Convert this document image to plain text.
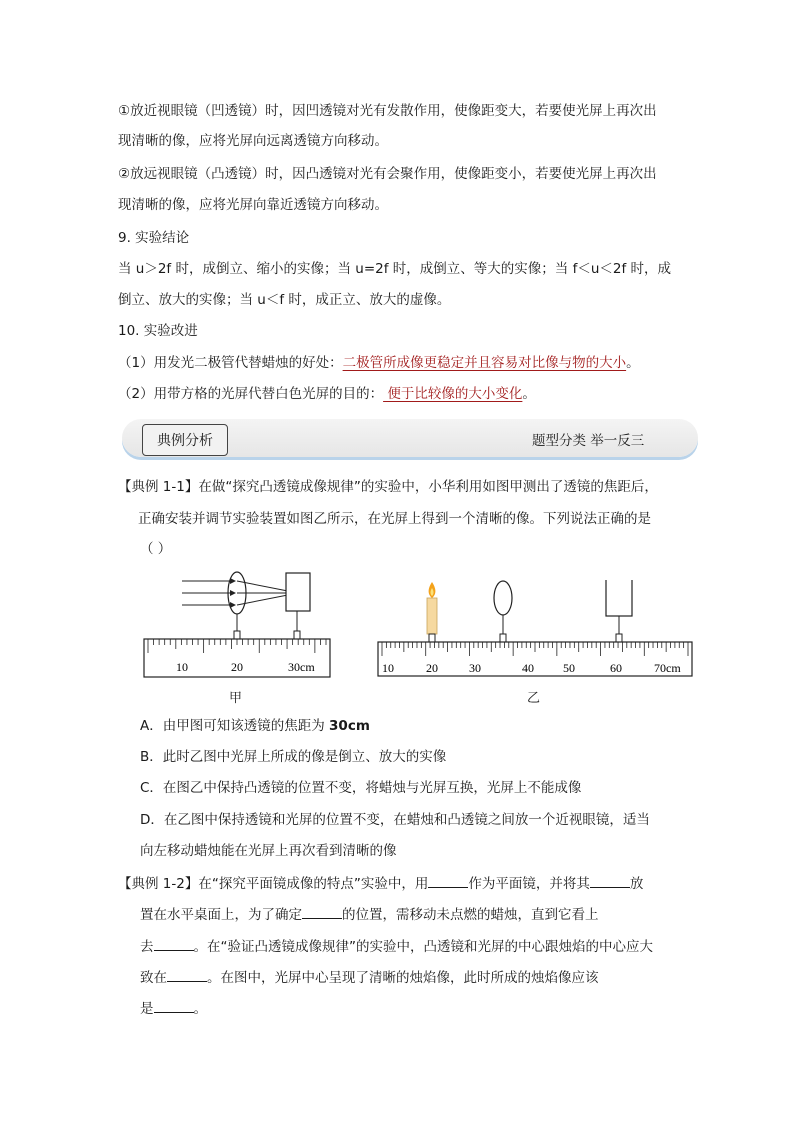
①放近视眼镜（凹透镜）时，因凹透镜对光有发散作用，使像距变大，若要使光屏上再次出
现清晰的像，应将光屏向远离透镜方向移动。
②放远视眼镜（凸透镜）时，因凸透镜对光有会聚作用，使像距变小，若要使光屏上再次出
现清晰的像，应将光屏向靠近透镜方向移动。
9. 实验结论
当 u＞2f 时，成倒立、缩小的实像；当 u=2f 时，成倒立、等大的实像；当 f＜u＜2f 时，成
倒立、放大的实像；当 u＜f 时，成正立、放大的虚像。
10. 实验改进
（1）用发光二极管代替蜡烛的好处：二极管所成像更稳定并且容易对比像与物的大小。
（2）用带方格的光屏代替白色光屏的目的： 便于比较像的大小变化。
典例分析	题型分类 举一反三
【典例 1-1】在做“探究凸透镜成像规律”的实验中，小华利用如图甲测出了透镜的焦距后，
正确安装并调节实验装置如图乙所示，在光屏上得到一个清晰的像。下列说法正确的是
（ ）
10	20	30cm
甲
10	20	30	40 50	60	70cm
乙
A．由甲图可知该透镜的焦距为 30cm
B．此时乙图中光屏上所成的像是倒立、放大的实像
C．在图乙中保持凸透镜的位置不变，将蜡烛与光屏互换，光屏上不能成像
D．在乙图中保持透镜和光屏的位置不变，在蜡烛和凸透镜之间放一个近视眼镜，适当
向左移动蜡烛能在光屏上再次看到清晰的像
【典例 1-2】在“探究平面镜成像的特点”实验中，用	作为平面镜，并将其	放
置在水平桌面上，为了确定	的位置，需移动未点燃的蜡烛，直到它看上
去	。在“验证凸透镜成像规律”的实验中，凸透镜和光屏的中心跟烛焰的中心应大
致在	。在图中，光屏中心呈现了清晰的烛焰像，此时所成的烛焰像应该
是	。
